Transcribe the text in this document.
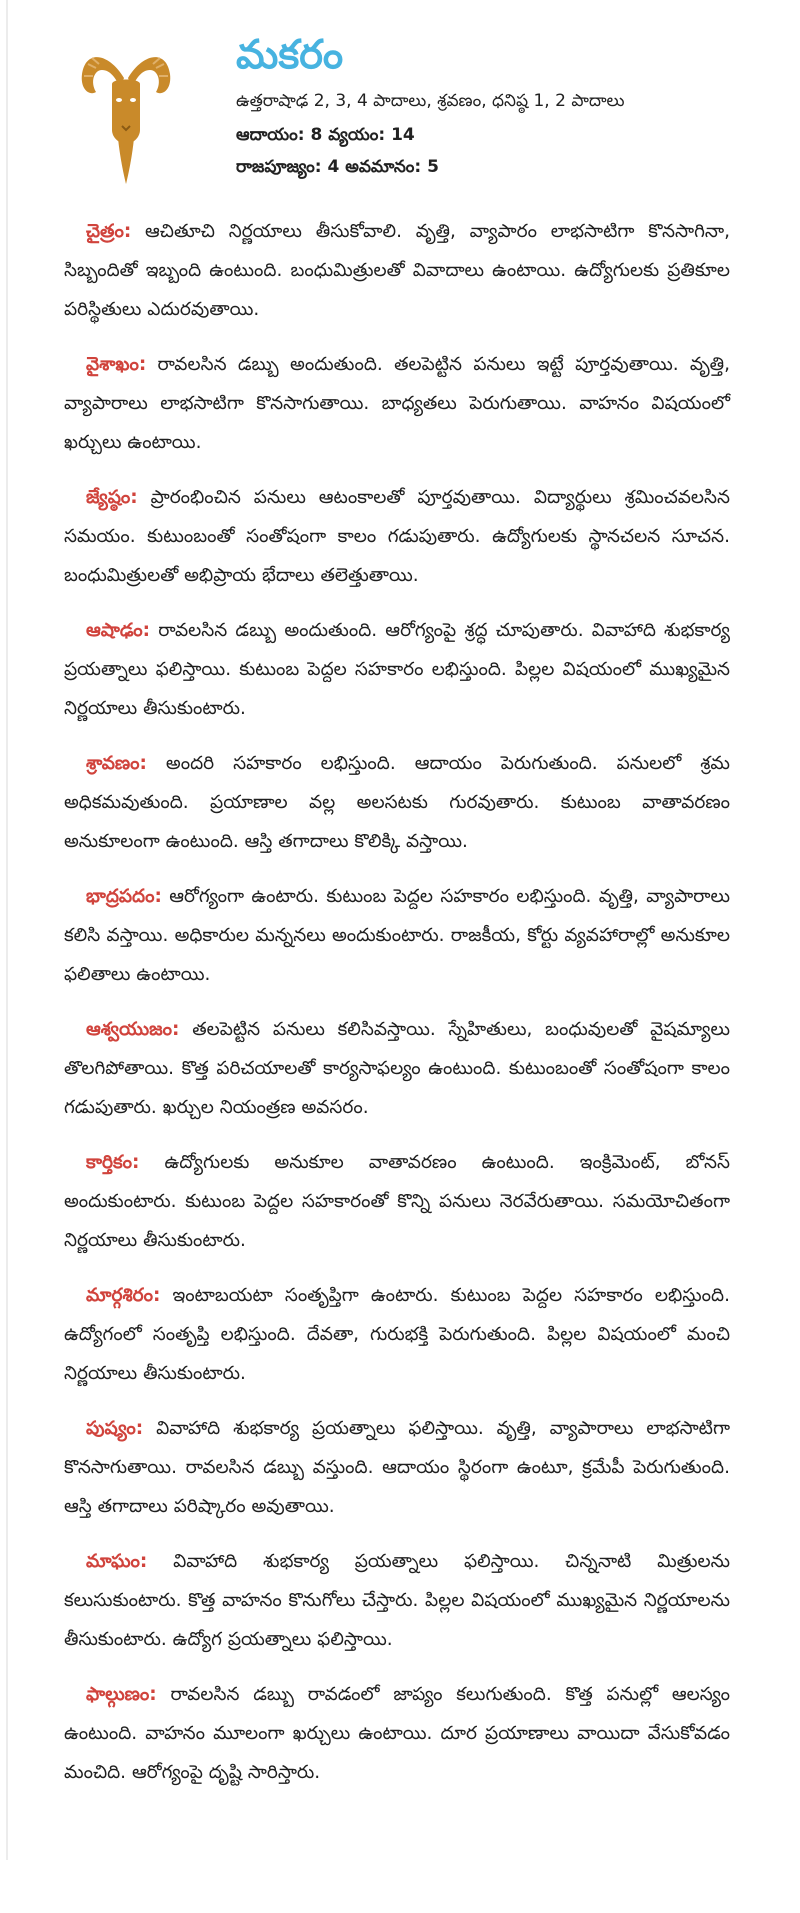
మకరం
ఉత్తరాషాఢ 2, 3, 4 పాదాలు, శ్రవణం, ధనిష్ఠ 1, 2 పాదాలు
ఆదాయం: 8 వ్యయం: 14
రాజపూజ్యం: 4 అవమానం: 5

చైత్రం: ఆచితూచి నిర్ణయాలు తీసుకోవాలి. వృత్తి, వ్యాపారం లాభసాటిగా కొనసాగినా, సిబ్బందితో ఇబ్బంది ఉంటుంది. బంధుమిత్రులతో వివాదాలు ఉంటాయి. ఉద్యోగులకు ప్రతికూల పరిస్థితులు ఎదురవుతాయి.

వైశాఖం: రావలసిన డబ్బు అందుతుంది. తలపెట్టిన పనులు ఇట్టే పూర్తవుతాయి. వృత్తి, వ్యాపారాలు లాభసాటిగా కొనసాగుతాయి. బాధ్యతలు పెరుగుతాయి. వాహనం విషయంలో ఖర్చులు ఉంటాయి.

జ్యేష్ఠం: ప్రారంభించిన పనులు ఆటంకాలతో పూర్తవుతాయి. విద్యార్థులు శ్రమించవలసిన సమయం. కుటుంబంతో సంతోషంగా కాలం గడుపుతారు. ఉద్యోగులకు స్థానచలన సూచన. బంధుమిత్రులతో అభిప్రాయ భేదాలు తలెత్తుతాయి.

ఆషాఢం: రావలసిన డబ్బు అందుతుంది. ఆరోగ్యంపై శ్రద్ధ చూపుతారు. వివాహాది శుభకార్య ప్రయత్నాలు ఫలిస్తాయి. కుటుంబ పెద్దల సహకారం లభిస్తుంది. పిల్లల విషయంలో ముఖ్యమైన నిర్ణయాలు తీసుకుంటారు.

శ్రావణం: అందరి సహకారం లభిస్తుంది. ఆదాయం పెరుగుతుంది. పనులలో శ్రమ అధికమవుతుంది. ప్రయాణాల వల్ల అలసటకు గురవుతారు. కుటుంబ వాతావరణం అనుకూలంగా ఉంటుంది. ఆస్తి తగాదాలు కొలిక్కి వస్తాయి.

భాద్రపదం: ఆరోగ్యంగా ఉంటారు. కుటుంబ పెద్దల సహకారం లభిస్తుంది. వృత్తి, వ్యాపారాలు కలిసి వస్తాయి. అధికారుల మన్ననలు అందుకుంటారు. రాజకీయ, కోర్టు వ్యవహారాల్లో అనుకూల ఫలితాలు ఉంటాయి.

ఆశ్వయుజం: తలపెట్టిన పనులు కలిసివస్తాయి. స్నేహితులు, బంధువులతో వైషమ్యాలు తొలగిపోతాయి. కొత్త పరిచయాలతో కార్యసాఫల్యం ఉంటుంది. కుటుంబంతో సంతోషంగా కాలం గడుపుతారు. ఖర్చుల నియంత్రణ అవసరం.

కార్తికం: ఉద్యోగులకు అనుకూల వాతావరణం ఉంటుంది. ఇంక్రిమెంట్, బోనస్ అందుకుంటారు. కుటుంబ పెద్దల సహకారంతో కొన్ని పనులు నెరవేరుతాయి. సమయోచితంగా నిర్ణయాలు తీసుకుంటారు.

మార్గశిరం: ఇంటాబయటా సంతృప్తిగా ఉంటారు. కుటుంబ పెద్దల సహకారం లభిస్తుంది. ఉద్యోగంలో సంతృప్తి లభిస్తుంది. దేవతా, గురుభక్తి పెరుగుతుంది. పిల్లల విషయంలో మంచి నిర్ణయాలు తీసుకుంటారు.

పుష్యం: వివాహాది శుభకార్య ప్రయత్నాలు ఫలిస్తాయి. వృత్తి, వ్యాపారాలు లాభసాటిగా కొనసాగుతాయి. రావలసిన డబ్బు వస్తుంది. ఆదాయం స్థిరంగా ఉంటూ, క్రమేపీ పెరుగుతుంది. ఆస్తి తగాదాలు పరిష్కారం అవుతాయి.

మాఘం: వివాహాది శుభకార్య ప్రయత్నాలు ఫలిస్తాయి. చిన్ననాటి మిత్రులను కలుసుకుంటారు. కొత్త వాహనం కొనుగోలు చేస్తారు. పిల్లల విషయంలో ముఖ్యమైన నిర్ణయాలను తీసుకుంటారు. ఉద్యోగ ప్రయత్నాలు ఫలిస్తాయి.

ఫాల్గుణం: రావలసిన డబ్బు రావడంలో జాప్యం కలుగుతుంది. కొత్త పనుల్లో ఆలస్యం ఉంటుంది. వాహనం మూలంగా ఖర్చులు ఉంటాయి. దూర ప్రయాణాలు వాయిదా వేసుకోవడం మంచిది. ఆరోగ్యంపై దృష్టి సారిస్తారు.
